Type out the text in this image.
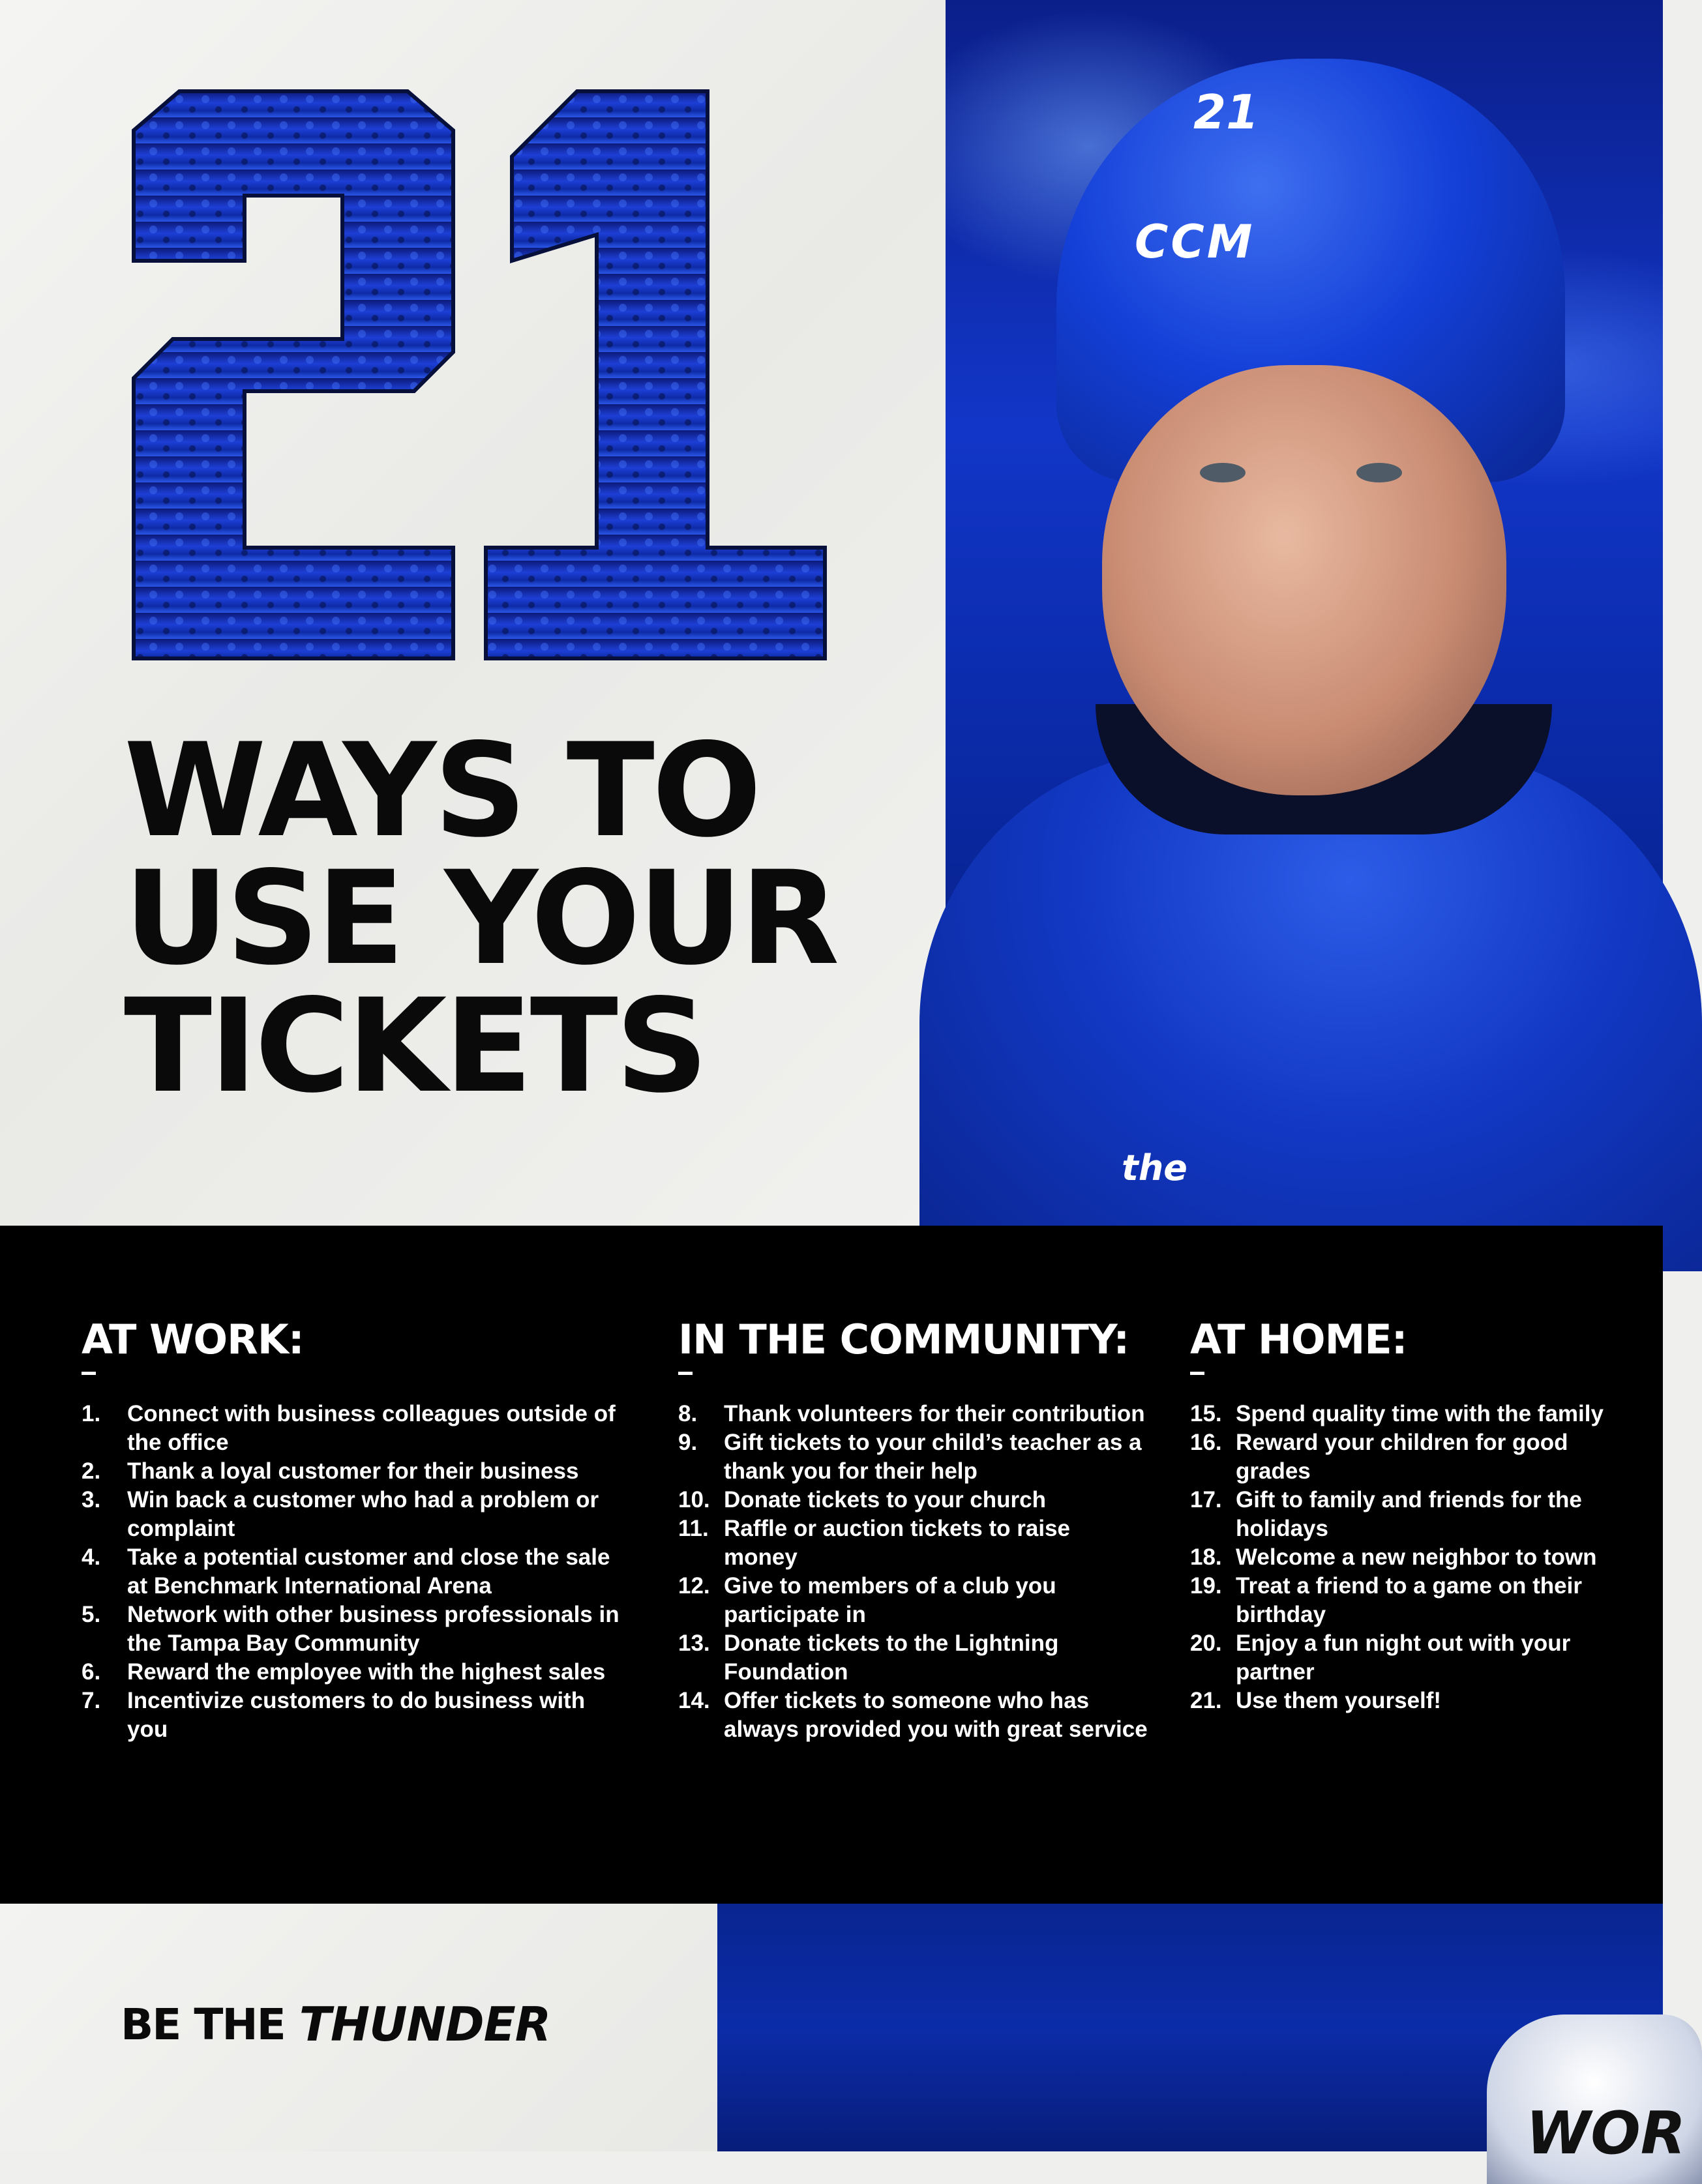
WAYS TO
USE YOUR
TICKETS
21
CCM
the
AT WORK:
1. Connect with business colleagues outside of the office
2. Thank a loyal customer for their business
3. Win back a customer who had a problem or complaint
4. Take a potential customer and close the sale at Benchmark International Arena
5. Network with other business professionals in the Tampa Bay Community
6. Reward the employee with the highest sales
7. Incentivize customers to do business with you
IN THE COMMUNITY:
8. Thank volunteers for their contribution
9. Gift tickets to your child’s teacher as a thank you for their help
10. Donate tickets to your church
11. Raffle or auction tickets to raise money
12. Give to members of a club you participate in
13. Donate tickets to the Lightning Foundation
14. Offer tickets to someone who has always provided you with great service
AT HOME:
15. Spend quality time with the family
16. Reward your children for good grades
17. Gift to family and friends for the holidays
18. Welcome a new neighbor to town
19. Treat a friend to a game on their birthday
20. Enjoy a fun night out with your partner
21. Use them yourself!
BE THE THUNDER
WOR
